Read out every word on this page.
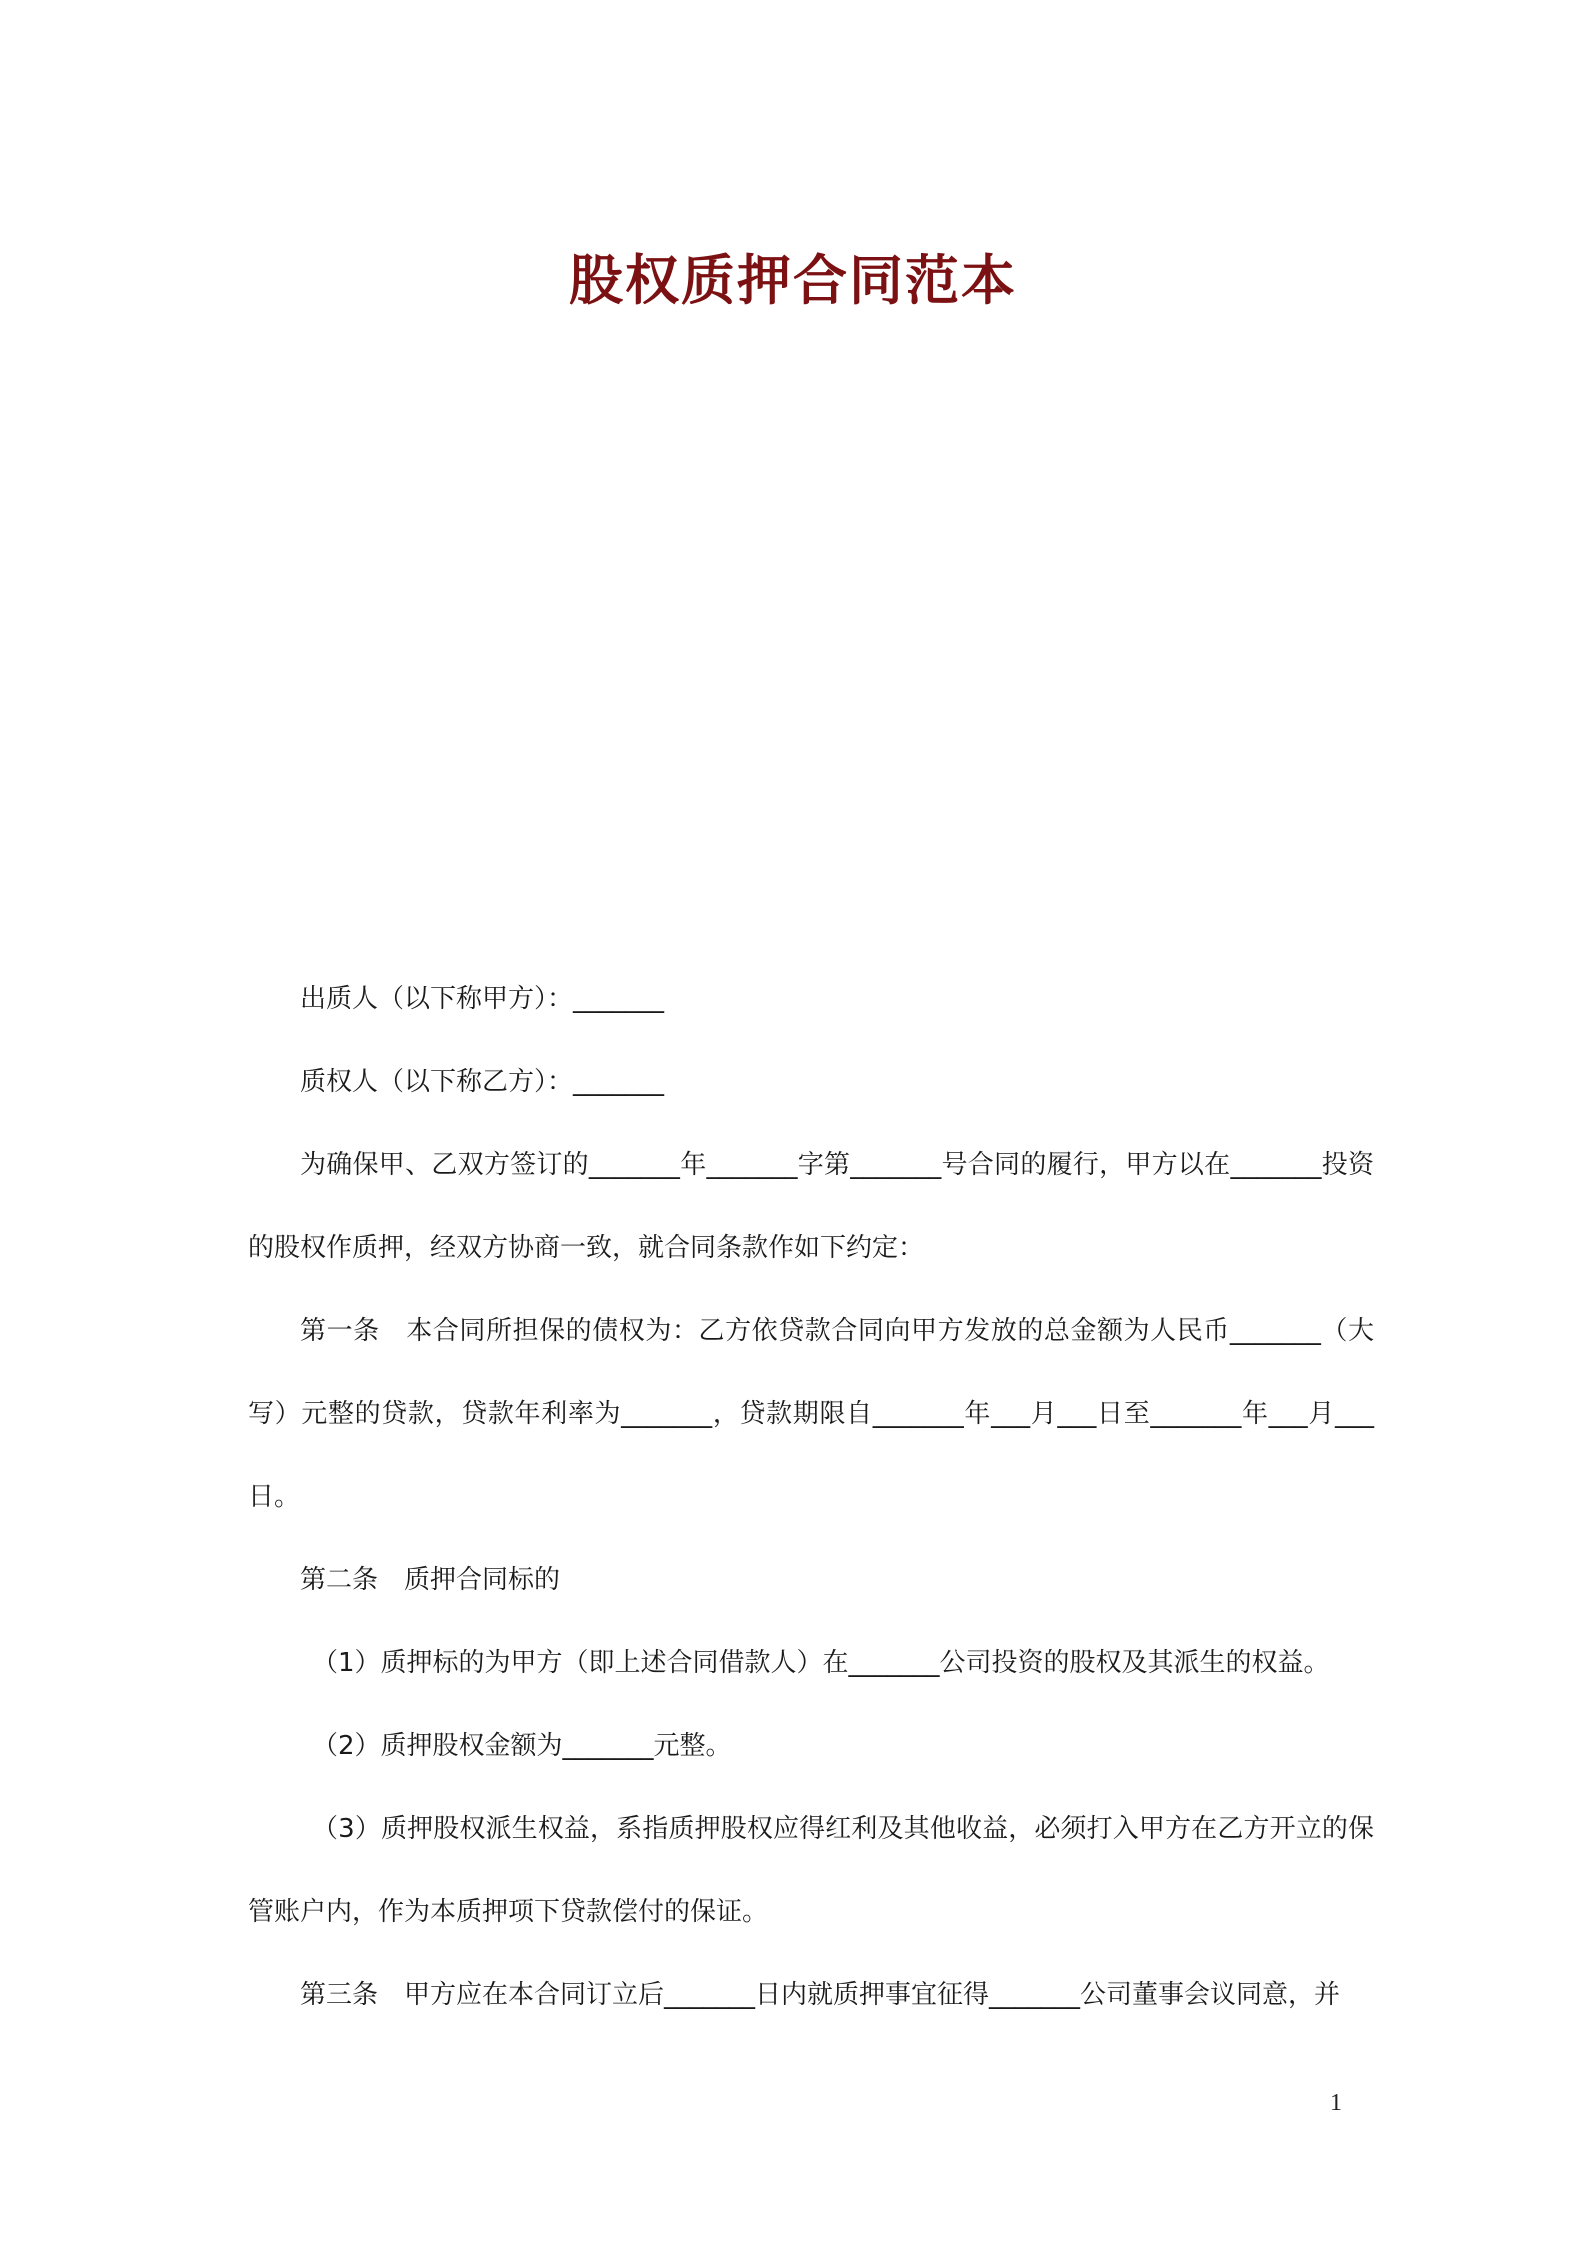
股权质押合同范本

出质人（以下称甲方）：_______

质权人（以下称乙方）：_______

为确保甲、乙双方签订的_______年_______字第_______号合同的履行，甲方以在_______投资的股权作质押，经双方协商一致，就合同条款作如下约定：

第一条　本合同所担保的债权为：乙方依贷款合同向甲方发放的总金额为人民币_______（大写）元整的贷款，贷款年利率为_______，贷款期限自_______年___月___日至_______年___月___日。

第二条　质押合同标的

（1）质押标的为甲方（即上述合同借款人）在_______公司投资的股权及其派生的权益。

（2）质押股权金额为_______元整。

（3）质押股权派生权益，系指质押股权应得红利及其他收益，必须打入甲方在乙方开立的保管账户内，作为本质押项下贷款偿付的保证。

第三条　甲方应在本合同订立后_______日内就质押事宜征得_______公司董事会议同意，并

1
